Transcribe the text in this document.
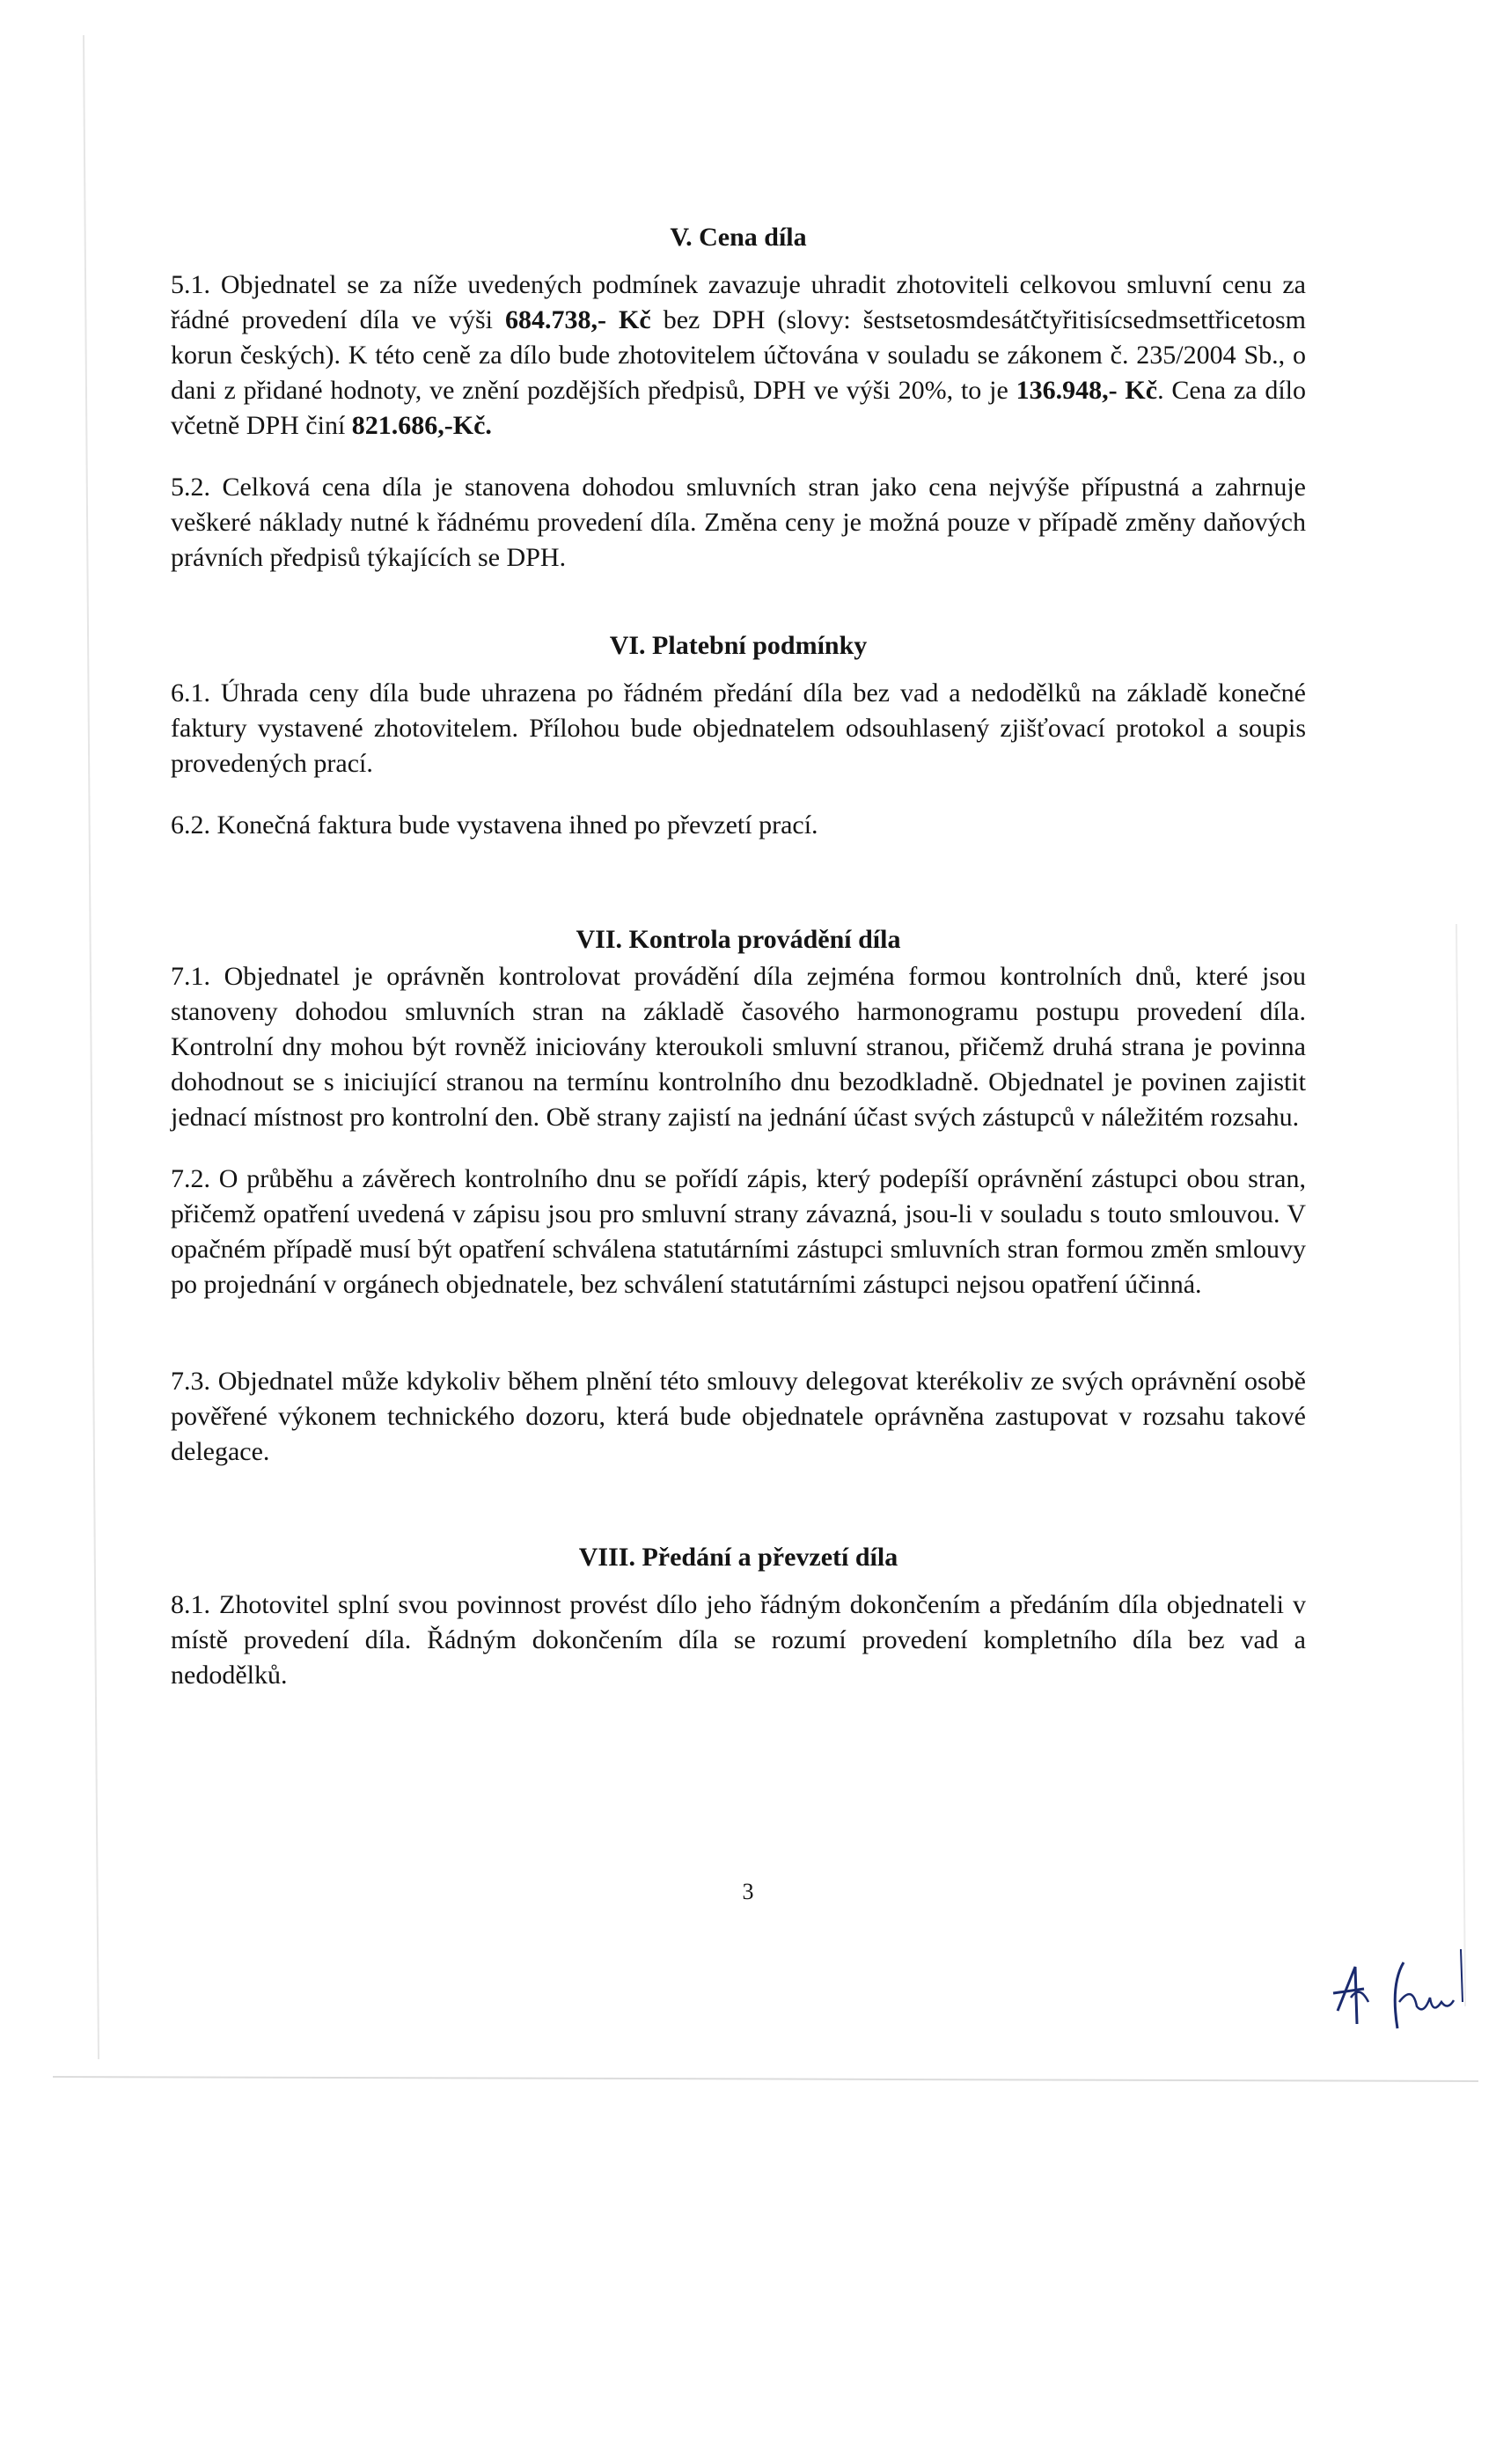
V. Cena díla

5.1. Objednatel se za níže uvedených podmínek zavazuje uhradit zhotoviteli celkovou smluvní cenu za řádné provedení díla ve výši 684.738,- Kč bez DPH (slovy: šestsetosmdesátčtyřitisícsedmsettřicetosm korun českých). K této ceně za dílo bude zhotovitelem účtována v souladu se zákonem č. 235/2004 Sb., o dani z přidané hodnoty, ve znění pozdějších předpisů, DPH ve výši 20%, to je 136.948,- Kč. Cena za dílo včetně DPH činí 821.686,-Kč.

5.2. Celková cena díla je stanovena dohodou smluvních stran jako cena nejvýše přípustná a zahrnuje veškeré náklady nutné k řádnému provedení díla. Změna ceny je možná pouze v případě změny daňových právních předpisů týkajících se DPH.

VI. Platební podmínky

6.1. Úhrada ceny díla bude uhrazena po řádném předání díla bez vad a nedodělků na základě konečné faktury vystavené zhotovitelem. Přílohou bude objednatelem odsouhlasený zjišťovací protokol a soupis provedených prací.

6.2. Konečná faktura bude vystavena ihned po převzetí prací.

VII. Kontrola provádění díla

7.1. Objednatel je oprávněn kontrolovat provádění díla zejména formou kontrolních dnů, které jsou stanoveny dohodou smluvních stran na základě časového harmonogramu postupu provedení díla. Kontrolní dny mohou být rovněž iniciovány kteroukoli smluvní stranou, přičemž druhá strana je povinna dohodnout se s iniciující stranou na termínu kontrolního dnu bezodkladně. Objednatel je povinen zajistit jednací místnost pro kontrolní den. Obě strany zajistí na jednání účast svých zástupců v náležitém rozsahu.

7.2. O průběhu a závěrech kontrolního dnu se pořídí zápis, který podepíší oprávnění zástupci obou stran, přičemž opatření uvedená v zápisu jsou pro smluvní strany závazná, jsou-li v souladu s touto smlouvou. V opačném případě musí být opatření schválena statutárními zástupci smluvních stran formou změn smlouvy po projednání v orgánech objednatele, bez schválení statutárními zástupci nejsou opatření účinná.

7.3. Objednatel může kdykoliv během plnění této smlouvy delegovat kterékoliv ze svých oprávnění osobě pověřené výkonem technického dozoru, která bude objednatele oprávněna zastupovat v rozsahu takové delegace.

VIII. Předání a převzetí díla

8.1. Zhotovitel splní svou povinnost provést dílo jeho řádným dokončením a předáním díla objednateli v místě provedení díla. Řádným dokončením díla se rozumí provedení kompletního díla bez vad a nedodělků.

3
